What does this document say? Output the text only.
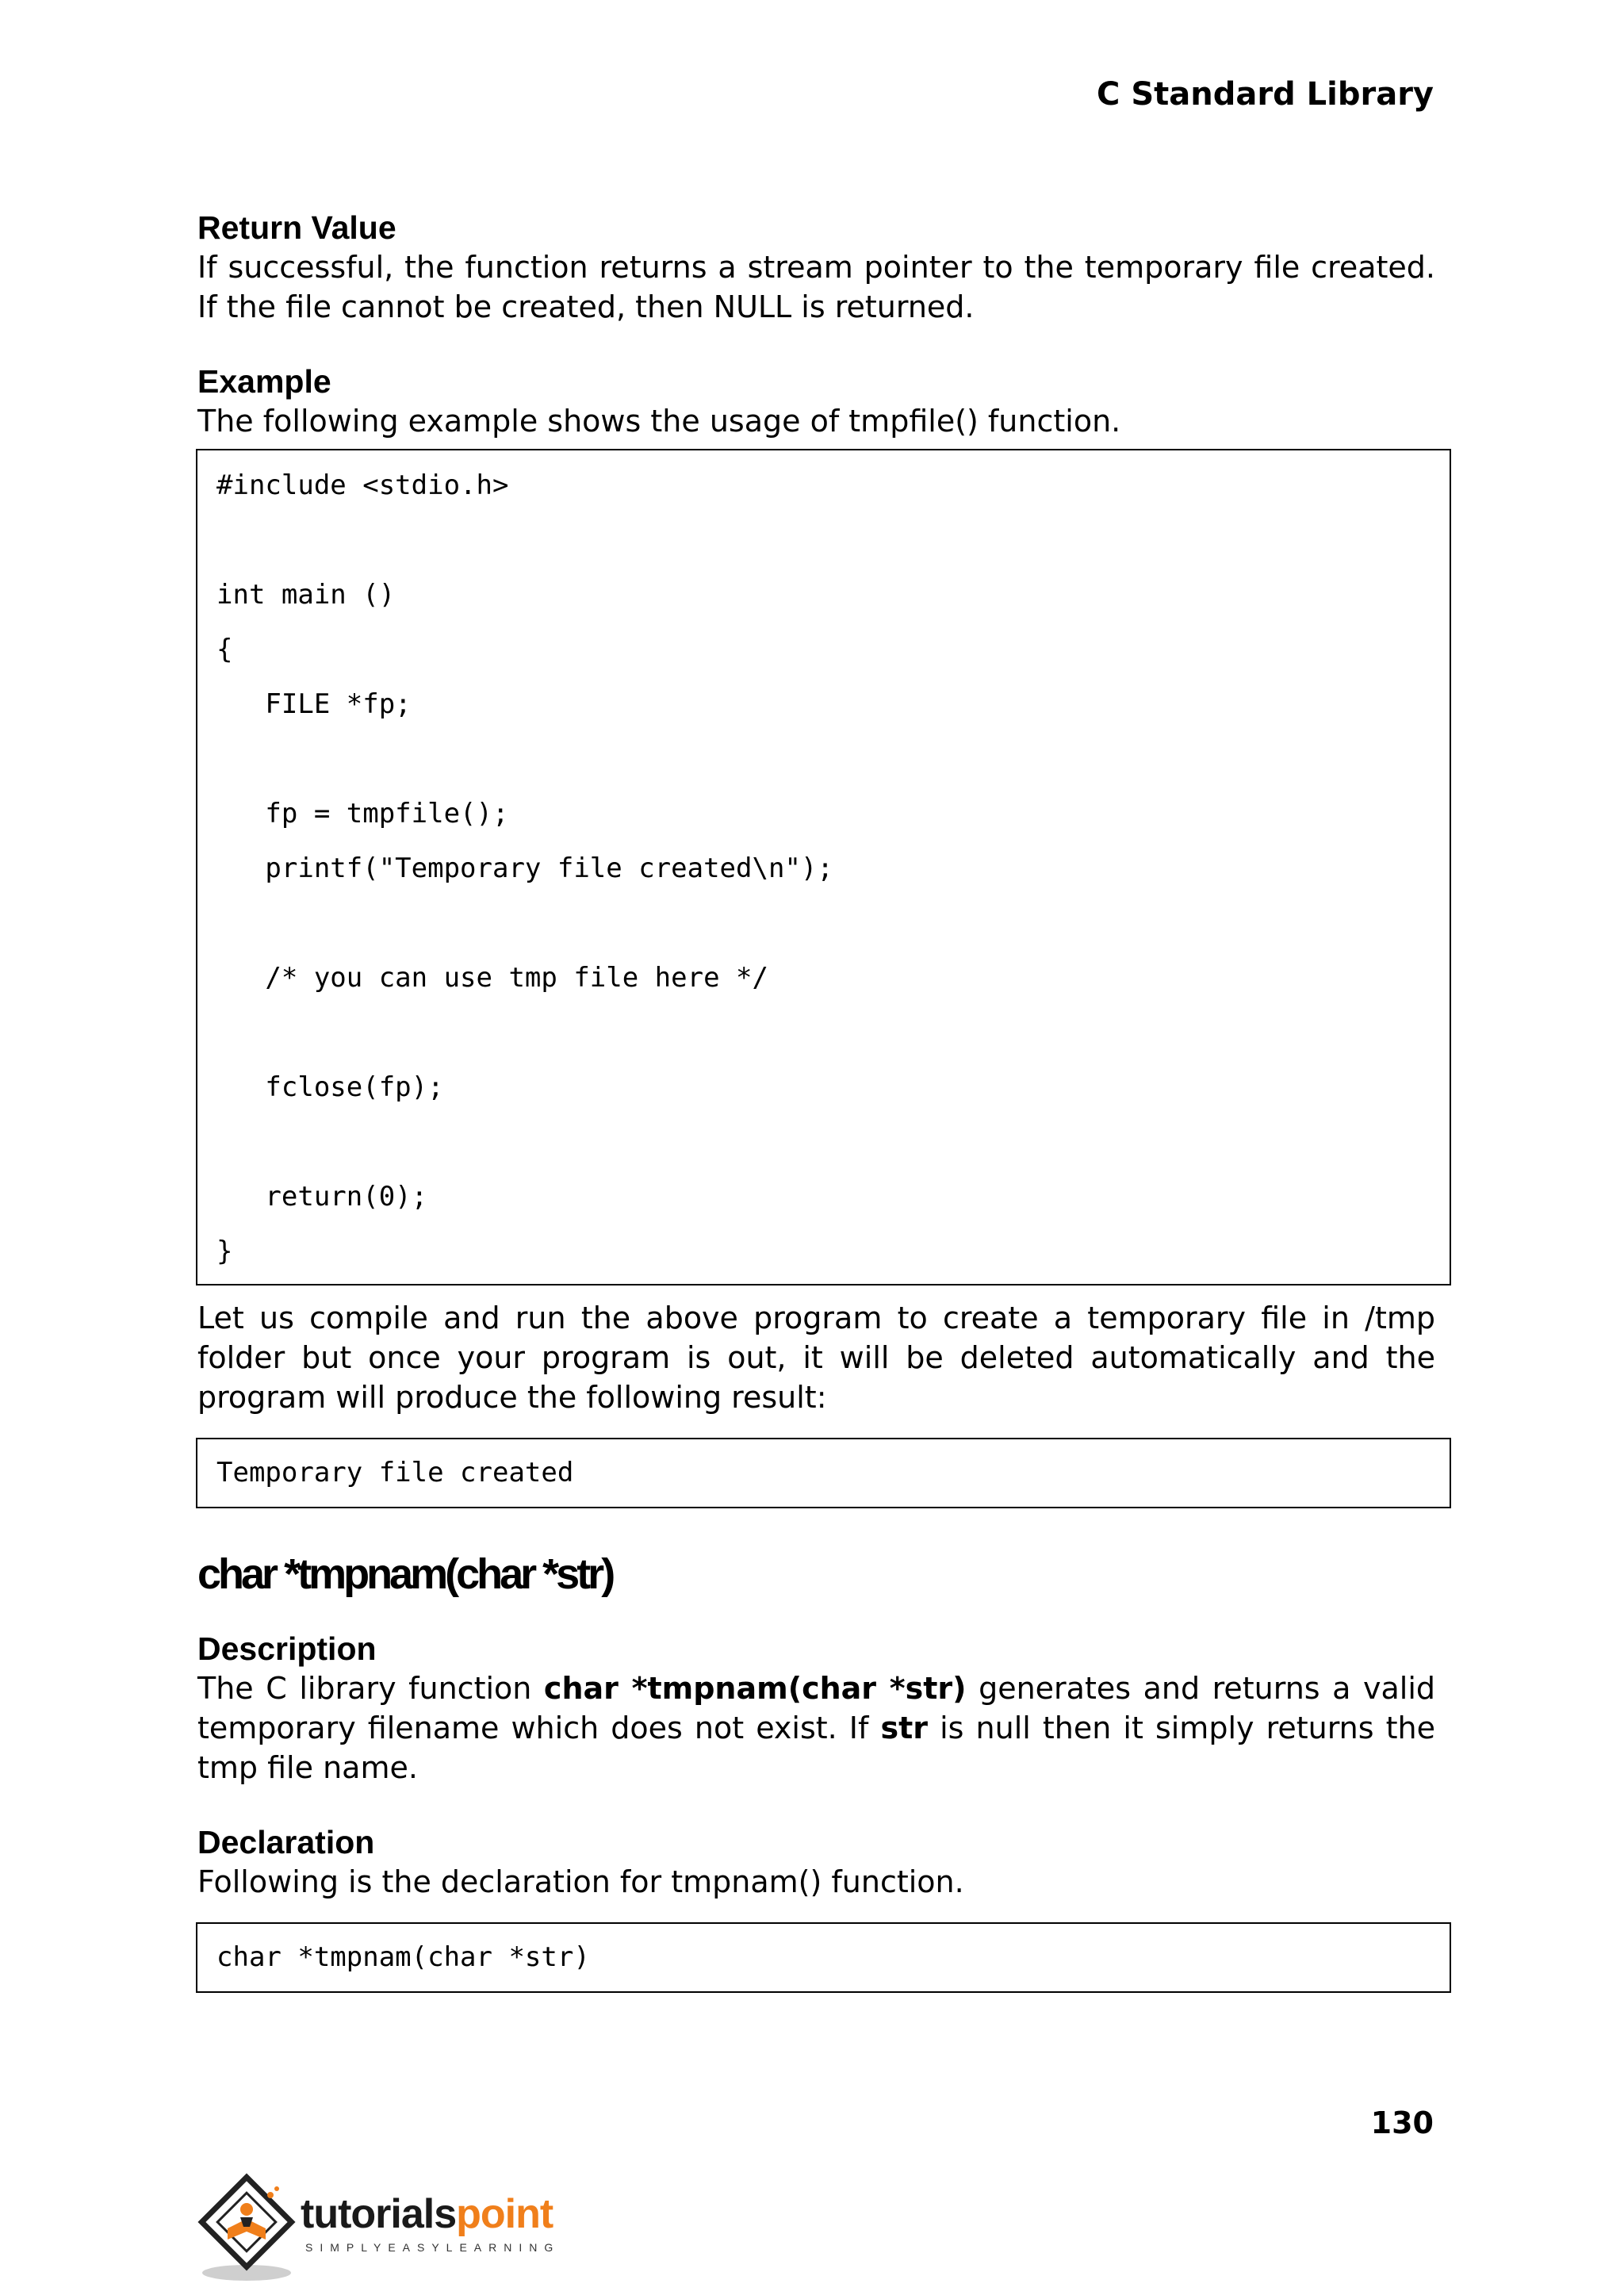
C Standard Library
Return Value

If successful, the function returns a stream pointer to the temporary file created. If the file cannot be created, then NULL is returned.

Example

The following example shows the usage of tmpfile() function.

#include <stdio.h>
int main ()
{
FILE *fp;
fp = tmpfile();
printf("Temporary file created\n");
/* you can use tmp file here */
fclose(fp);
return(0);
}

Let us compile and run the above program to create a temporary file in /tmp folder but once your program is out, it will be deleted automatically and the program will produce the following result:

Temporary file created
char *tmpnam(char *str)
Description

The C library function char *tmpnam(char *str) generates and returns a valid temporary filename which does not exist. If str is null then it simply returns the tmp file name.

Declaration

Following is the declaration for tmpnam() function.

char *tmpnam(char *str)
130
tutorialspoint
SIMPLYEASYLEARNING
